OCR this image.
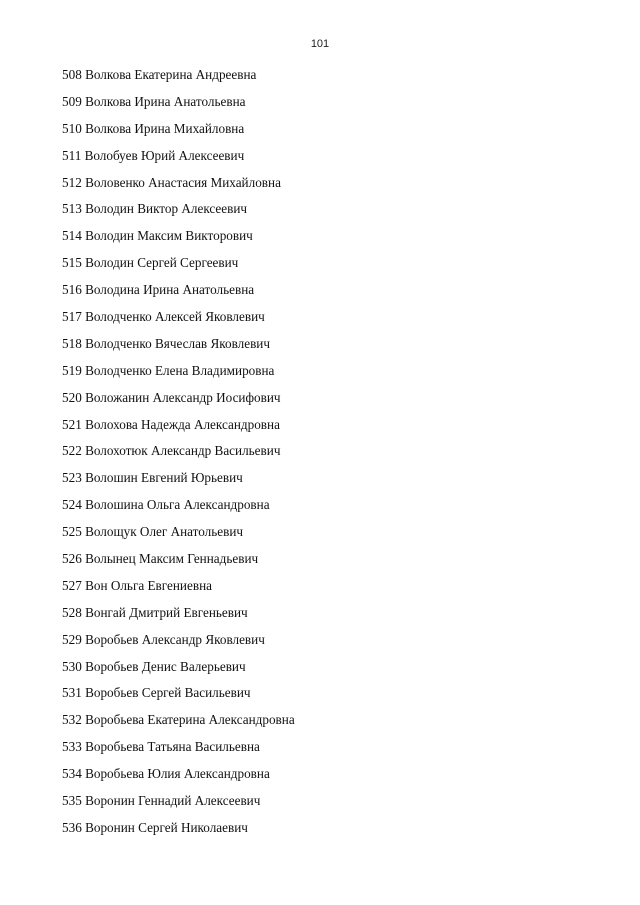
101
508 Волкова Екатерина Андреевна
509 Волкова Ирина Анатольевна
510 Волкова Ирина Михайловна
511 Волобуев Юрий Алексеевич
512 Воловенко Анастасия Михайловна
513 Володин Виктор Алексеевич
514 Володин Максим Викторович
515 Володин Сергей Сергеевич
516 Володина Ирина Анатольевна
517 Володченко Алексей Яковлевич
518 Володченко Вячеслав Яковлевич
519 Володченко Елена Владимировна
520 Воложанин Александр Иосифович
521 Волохова Надежда Александровна
522 Волохотюк Александр Васильевич
523 Волошин Евгений Юрьевич
524 Волошина Ольга Александровна
525 Волощук Олег Анатольевич
526 Волынец Максим Геннадьевич
527 Вон Ольга Евгениевна
528 Вонгай Дмитрий Евгеньевич
529 Воробьев Александр Яковлевич
530 Воробьев Денис Валерьевич
531 Воробьев Сергей Васильевич
532 Воробьева Екатерина Александровна
533 Воробьева Татьяна Васильевна
534 Воробьева Юлия Александровна
535 Воронин Геннадий Алексеевич
536 Воронин Сергей Николаевич
